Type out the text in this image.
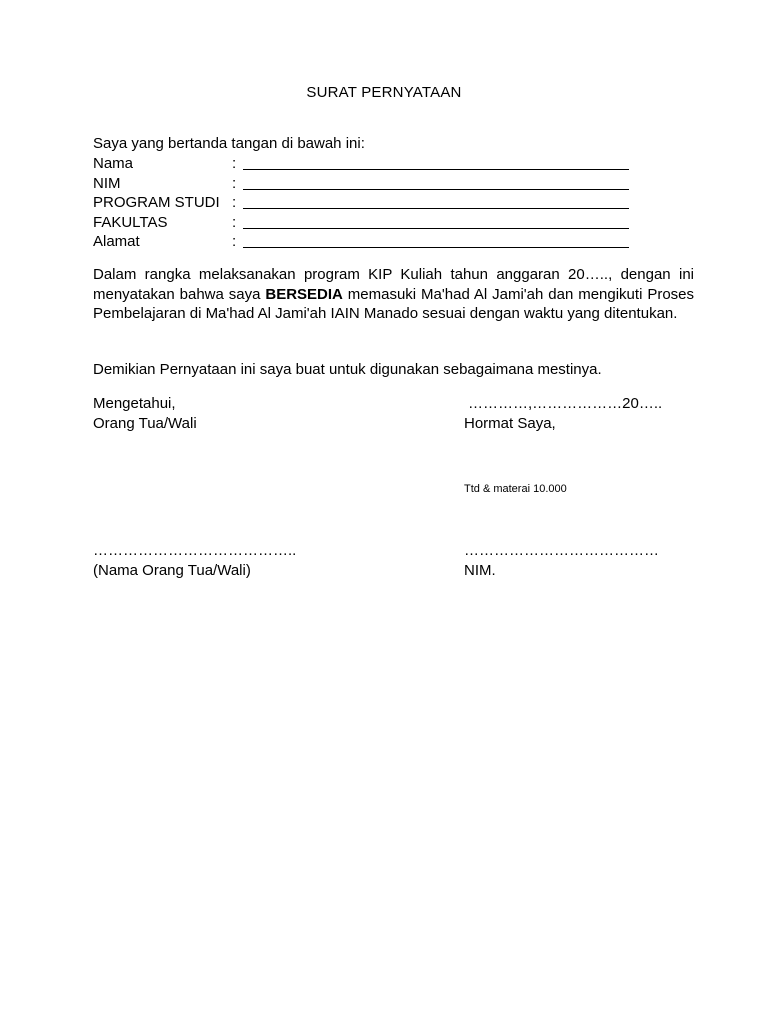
SURAT PERNYATAAN
Saya yang bertanda tangan di bawah ini:
Nama	:
NIM	:
PROGRAM STUDI :
FAKULTAS	:
Alamat	:
Dalam rangka melaksanakan program KIP Kuliah tahun anggaran 20….., dengan ini menyatakan bahwa saya BERSEDIA memasuki Ma'had Al Jami'ah dan mengikuti Proses Pembelajaran di Ma'had Al Jami'ah IAIN Manado sesuai dengan waktu yang ditentukan.
Demikian Pernyataan ini saya buat untuk digunakan sebagaimana mestinya.
Mengetahui,
Orang Tua/Wali
…………,………………20…..
Hormat Saya,
Ttd & materai 10.000
…………………………………..
(Nama Orang Tua/Wali)
…………………………………
NIM.
